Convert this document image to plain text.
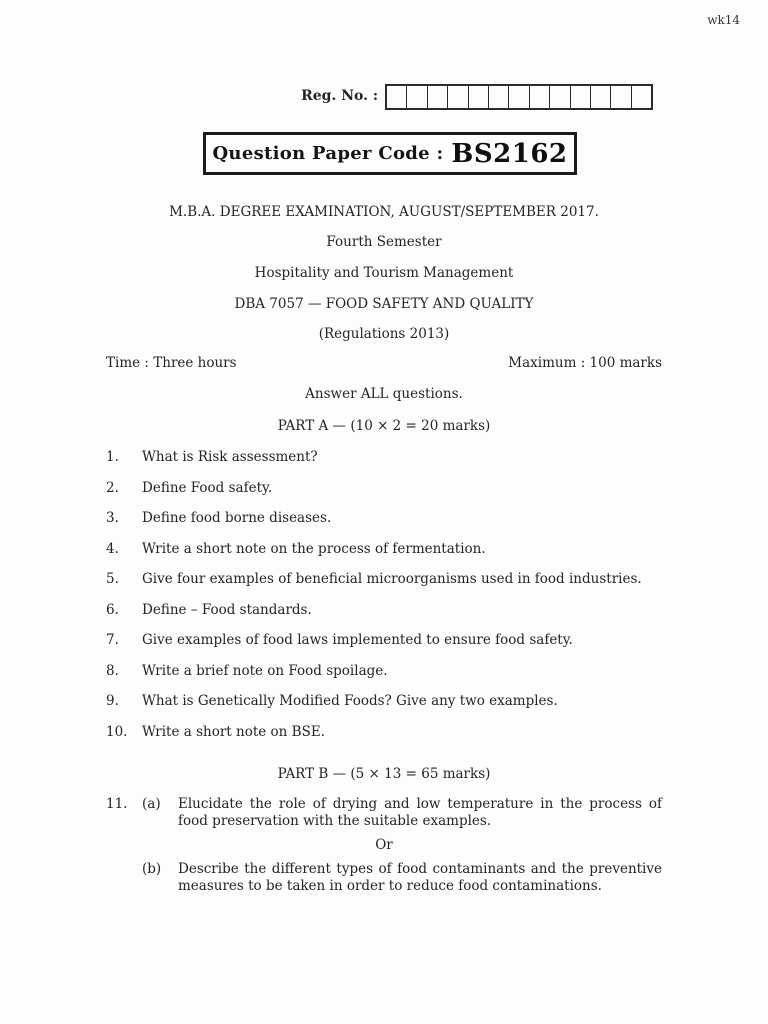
wk14
Reg. No. :
Question Paper Code : BS2162
M.B.A. DEGREE EXAMINATION, AUGUST/SEPTEMBER 2017.
Fourth Semester
Hospitality and Tourism Management
DBA 7057 — FOOD SAFETY AND QUALITY
(Regulations 2013)
Time : Three hours	Maximum : 100 marks
Answer ALL questions.
PART A — (10 × 2 = 20 marks)
1.	What is Risk assessment?
2.	Define Food safety.
3.	Define food borne diseases.
4.	Write a short note on the process of fermentation.
5.	Give four examples of beneficial microorganisms used in food industries.
6.	Define – Food standards.
7.	Give examples of food laws implemented to ensure food safety.
8.	Write a brief note on Food spoilage.
9.	What is Genetically Modified Foods? Give any two examples.
10.	Write a short note on BSE.
PART B — (5 × 13 = 65 marks)
11.	(a)	Elucidate the role of drying and low temperature in the process of food preservation with the suitable examples.
Or
(b)	Describe the different types of food contaminants and the preventive measures to be taken in order to reduce food contaminations.
